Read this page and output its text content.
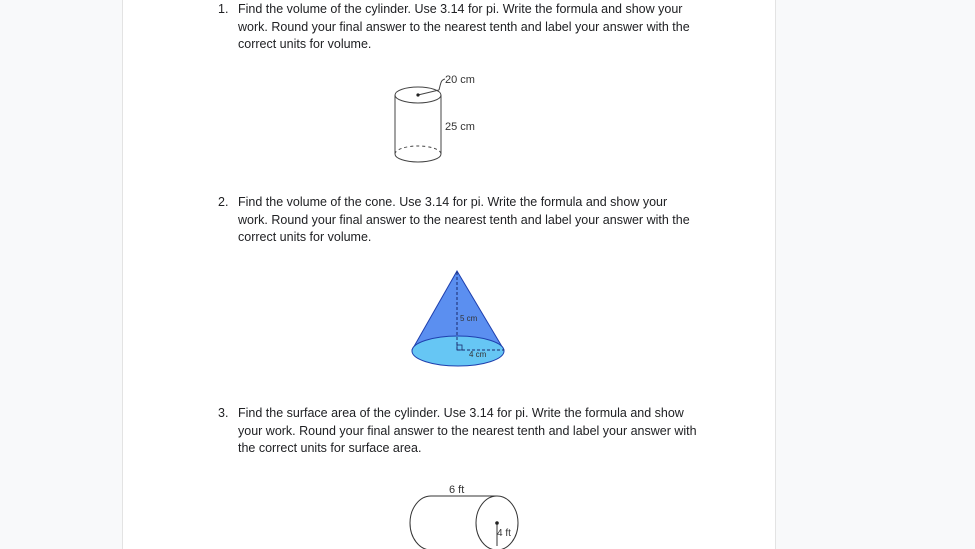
1. Find the volume of the cylinder. Use 3.14 for pi. Write the formula and show your work. Round your final answer to the nearest tenth and label your answer with the correct units for volume.
20 cm
25 cm
2. Find the volume of the cone. Use 3.14 for pi. Write the formula and show your work. Round your final answer to the nearest tenth and label your answer with the correct units for volume.
5 cm
4 cm
3. Find the surface area of the cylinder. Use 3.14 for pi. Write the formula and show your work. Round your final answer to the nearest tenth and label your answer with the correct units for surface area.
6 ft
4 ft
